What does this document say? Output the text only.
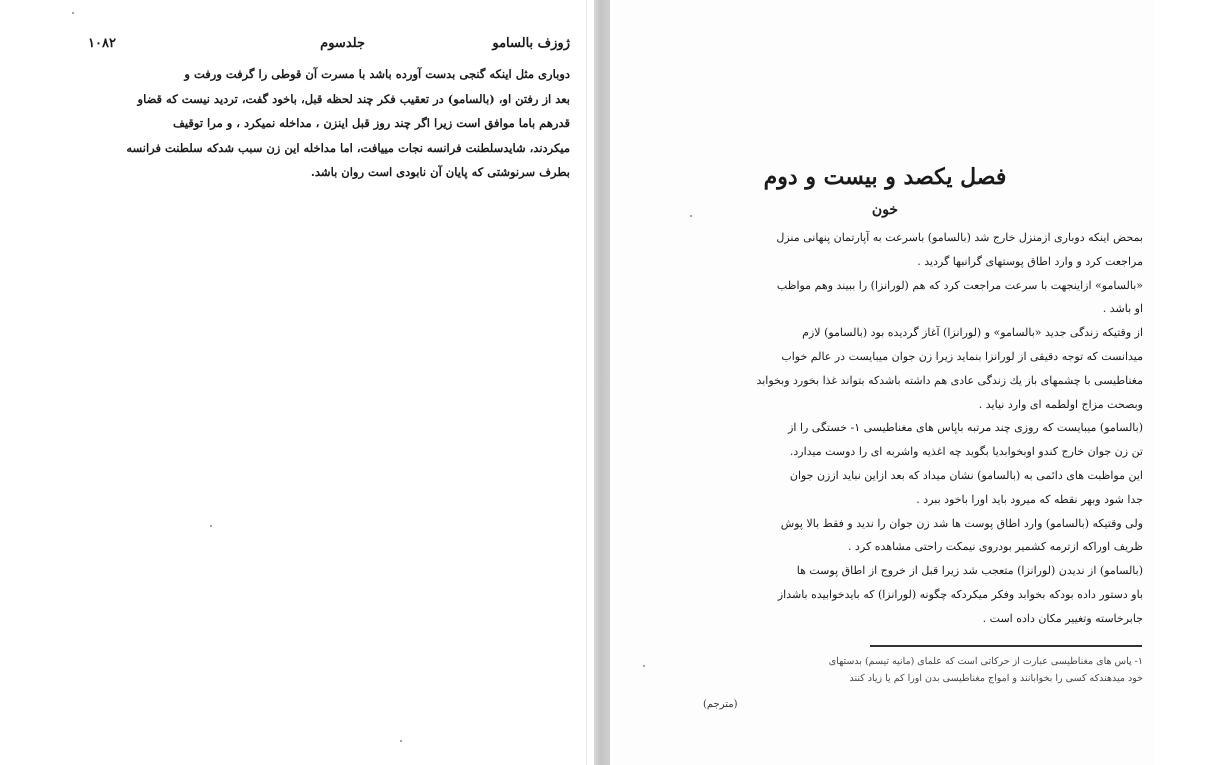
ژوزف بالسامو
جلدسوم
۱۰۸۲

دوباری مثل اینکه گنجی بدست آورده باشد با مسرت آن قوطی را گرفت ورفت و

بعد از رفتن او، (بالسامو) در تعقیب فکر چند لحظه قبل، باخود گفت، تردید نیست که قضاو

قدرهم باما موافق است زیرا اگر چند روز قبل اینزن ، مداخله نمیکرد ، و مرا توقیف

میکردند، شایدسلطنت فرانسه نجات مییافت، اما مداخله این زن سبب شدکه سلطنت فرانسه

بطرف سرنوشتی که پایان آن نابودی است روان باشد.	فصل یکصد و بیست و دوم
خون

بمحض اینکه دوباری ازمنزل خارج شد (بالسامو) باسرعت به آپارتمان پنهانی منزل

مراجعت کرد و وارد اطاق پوستهای گرانبها گردید .

«بالسامو» ازاینجهت با سرعت مراجعت کرد که هم (لورانزا) را ببیند وهم مواظب

او باشد .

از وقتیکه زندگی جدید «بالسامو» و (لورانزا) آغاز گردیده بود (بالسامو) لازم

میدانست که توجه دقیقی از لورانزا بنماید زیرا زن جوان میبایست در عالم خواب

مغناطیسی با چشمهای باز یك زندگی عادی هم داشته باشدکه بتواند غذا بخورد وبخوابد

وبصحت مزاج اولطمه ای وارد نیاید .

(بالسامو) میبایست که روزی چند مرتبه باپاس های مغناطیسی ۱- خستگی را از

تن زن جوان خارج کندو اوبخوابدیا بگوید چه اغذیه واشربه ای را دوست میدارد.

این مواظبت های دائمی به (بالسامو) نشان میداد که بعد ازاین نباید اززن جوان

جدا شود وبهر نقطه که میرود باید اورا باخود ببرد .

ولی وقتیکه (بالسامو) وارد اطاق پوست ها شد زن جوان را ندید و فقط بالا پوش

ظریف اوراکه ازترمه کشمیر بودروی نیمکت راحتی مشاهده کرد .

(بالسامو) از ندیدن (لورانزا) متعجب شد زیرا قبل از خروج از اطاق پوست ها

باو دستور داده بودکه بخوابد وفکر میکردکه چگونه (لورانزا) که بایدخوابیده باشداز

جابرخاسته وتغییر مکان داده است .

۱- پاس های مغناطیسی عبارت از حرکاتی است که علمای (مانیه تیسم) بدستهای

خود میدهندکه کسی را بخوابانند و امواج مغناطیسی بدن اورا کم یا زیاد کنند

(مترجم)
